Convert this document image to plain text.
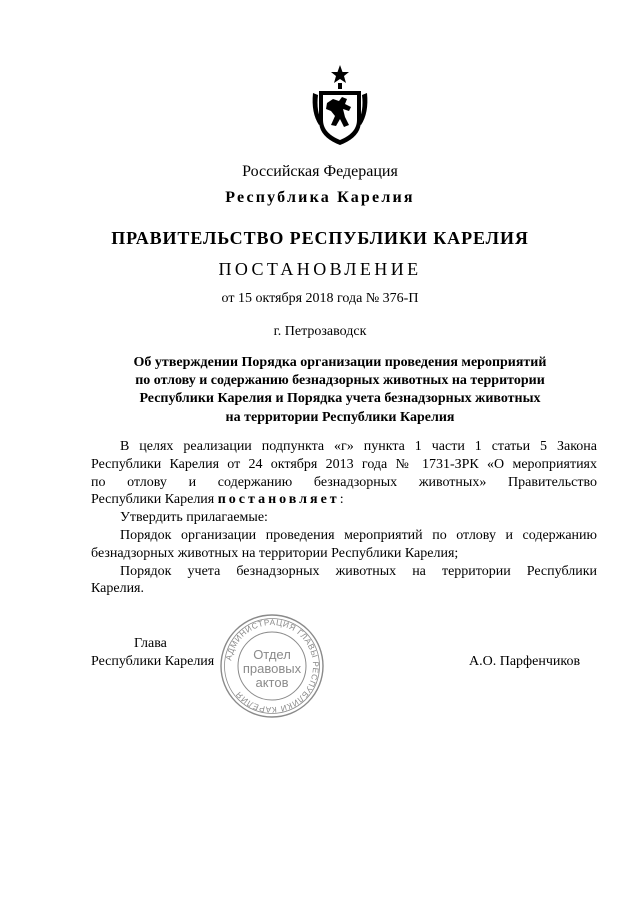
Российская Федерация
Республика Карелия
ПРАВИТЕЛЬСТВО РЕСПУБЛИКИ КАРЕЛИЯ
ПОСТАНОВЛЕНИЕ
от 15 октября 2018 года № 376-П
г. Петрозаводск
Об утверждении Порядка организации проведения мероприятий
по отлову и содержанию безнадзорных животных на территории
Республики Карелия и Порядка учета безнадзорных животных
на территории Республики Карелия
В целях реализации подпункта «г» пункта 1 части 1 статьи 5 Закона
Республики Карелия от 24 октября 2013 года № 1731-ЗРК «О мероприятиях
по отлову и содержанию безнадзорных животных» Правительство
Республики Карелия постановляет:
Утвердить прилагаемые:
Порядок организации проведения мероприятий по отлову и содержанию
безнадзорных животных на территории Республики Карелия;
Порядок учета безнадзорных животных на территории Республики
Карелия.
Глава
Республики Карелия	А.О. Парфенчиков
АДМИНИСТРАЦИЯ ГЛАВЫ РЕСПУБЛИКИ КАРЕЛИЯ
Отдел
правовых
актов
